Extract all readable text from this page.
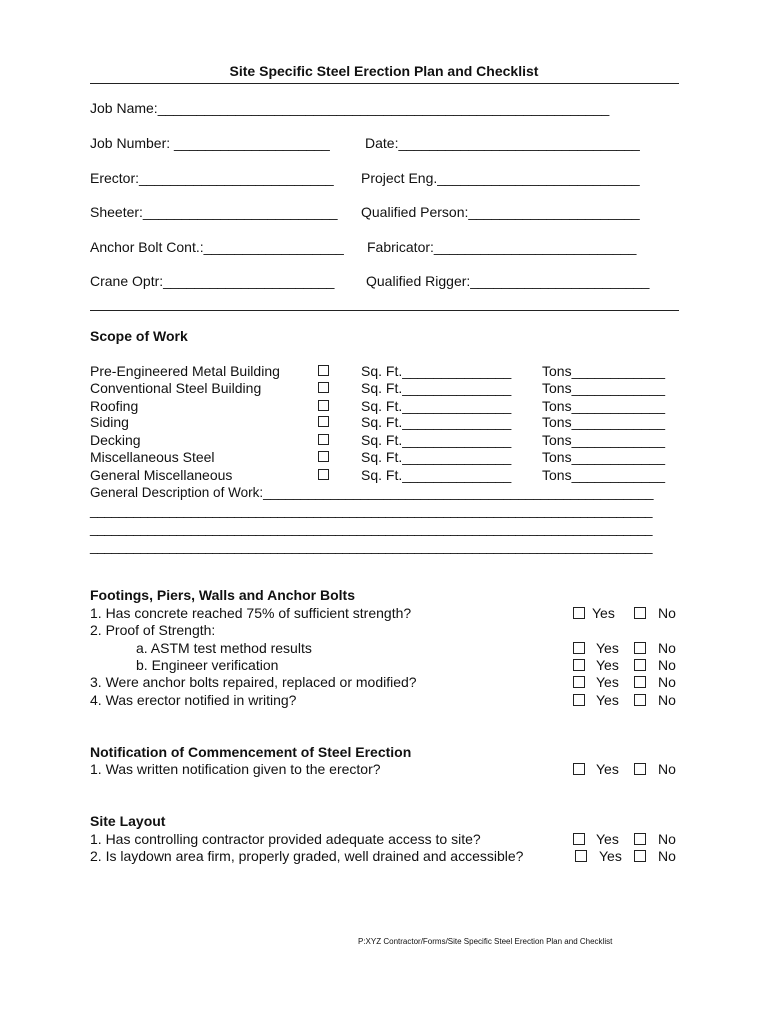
Site Specific Steel Erection Plan and Checklist
Job Name:__________________________________________________________
Job Number: ____________________	Date:_______________________________
Erector:_________________________ Project Eng.__________________________
Sheeter:_________________________ Qualified Person:______________________
Anchor Bolt Cont.:__________________ Fabricator:__________________________
Crane Optr:______________________ Qualified Rigger:_______________________
Scope of Work
Pre-Engineered Metal Building	Sq. Ft.______________ Tons____________
Conventional Steel Building	Sq. Ft.______________ Tons____________
Roofing	Sq. Ft.______________ Tons____________
Siding	Sq. Ft.______________ Tons____________
Decking	Sq. Ft.______________ Tons____________
Miscellaneous Steel	Sq. Ft.______________ Tons____________
General Miscellaneous	Sq. Ft.______________ Tons____________
General Description of Work:____________________________________________________
______________________________________________________________________________
______________________________________________________________________________
______________________________________________________________________________
Footings, Piers, Walls and Anchor Bolts
1. Has concrete reached 75% of sufficient strength?	Yes	No
2. Proof of Strength:
a. ASTM test method results	Yes	No
b. Engineer verification	Yes	No
3. Were anchor bolts repaired, replaced or modified?	Yes	No
4. Was erector notified in writing?	Yes	No
Notification of Commencement of Steel Erection
1. Was written notification given to the erector?	Yes	No
Site Layout
1. Has controlling contractor provided adequate access to site?	Yes	No
2. Is laydown area firm, properly graded, well drained and accessible?	Yes	No
P:XYZ Contractor/Forms/Site Specific Steel Erection Plan and Checklist
